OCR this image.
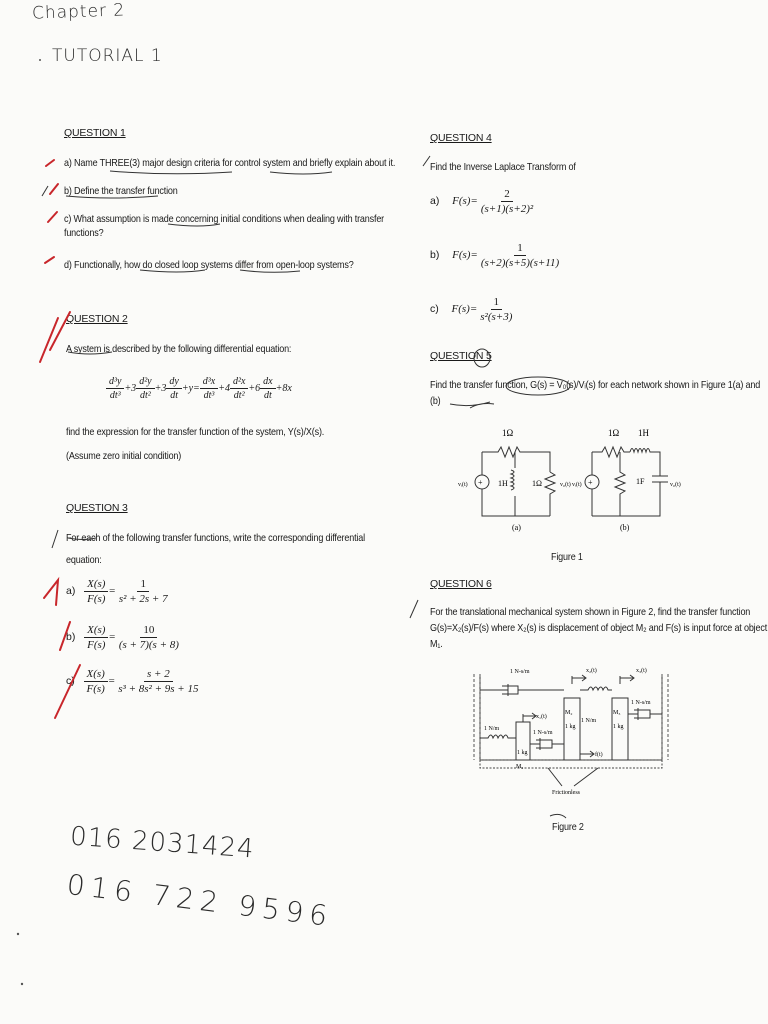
Chapter 2
TUTORIAL 1
QUESTION 1
a) Name THREE(3) major design criteria for control system and briefly explain about it.
b) Define the transfer function
c) What assumption is made concerning initial conditions when dealing with transfer
functions?
d) Functionally, how do closed loop systems differ from open-loop systems?
QUESTION 2
A system is described by the following differential equation:
$\frac{\text{d³y}}{\text{dt³}} +3 \frac{\text{d²y}}{\text{dt²}} +3 \frac{dy}{dt} +y= \frac{\text{d³x}}{\text{dt³}} +4 \frac{\text{d²x}}{\text{dt²}} +6 \frac{dx}{dt} +8x$
find the expression for the transfer function of the system, Y(s)/X(s).
(Assume zero initial condition)
QUESTION 3
For each of the following transfer functions, write the corresponding differential
equation:
$a) \frac{X(s)}{F(s)} = \frac{1}{\text{s² + 2s + 7}}$
$b) \frac{X(s)}{F(s)} = \frac{10}{(s + 7)(s + 8)}$
$c) \frac{X(s)}{F(s)} = \frac{s + 2}{\text{s³ + 8s² + 9s + 15}}$
QUESTION 4
Find the Inverse Laplace Transform of
a) $F(s)= \frac{2}{\text{(s+1)(s+2)²}}$
b) $F(s)= \frac{1}{(s+2)(s+5)(s+11)}$
c) $F(s)= \frac{1}{\text{s²(s+3)}}$
QUESTION 5
Find the transfer function, G(s) = V₀(s)/Vᵢ(s) for each network shown in Figure 1(a) and
(b)
1Ω
+ 1H	1Ω
vᵢ(t)	v₀(t)
(a)
1Ω 1H
+	1F
vᵢ(t)	v₀(t)
(b)
Figure 1
QUESTION 6
For the translational mechanical system shown in Figure 2, find the transfer function
G(s)=X₂(s)/F(s) where X₂(s) is displacement of object M₂ and F(s) is input force at object
M₁.
1 N-s/m	x₂(t)	x₃(t)
x₁(t)
1 N/m
1 N-s/m
M₁
1 kg
M₂
1 N/m
1 kg
M₃
1 kg
1 N-s/m
f(t)
Frictionless
Figure 2
016 2031424
016 722 9596
